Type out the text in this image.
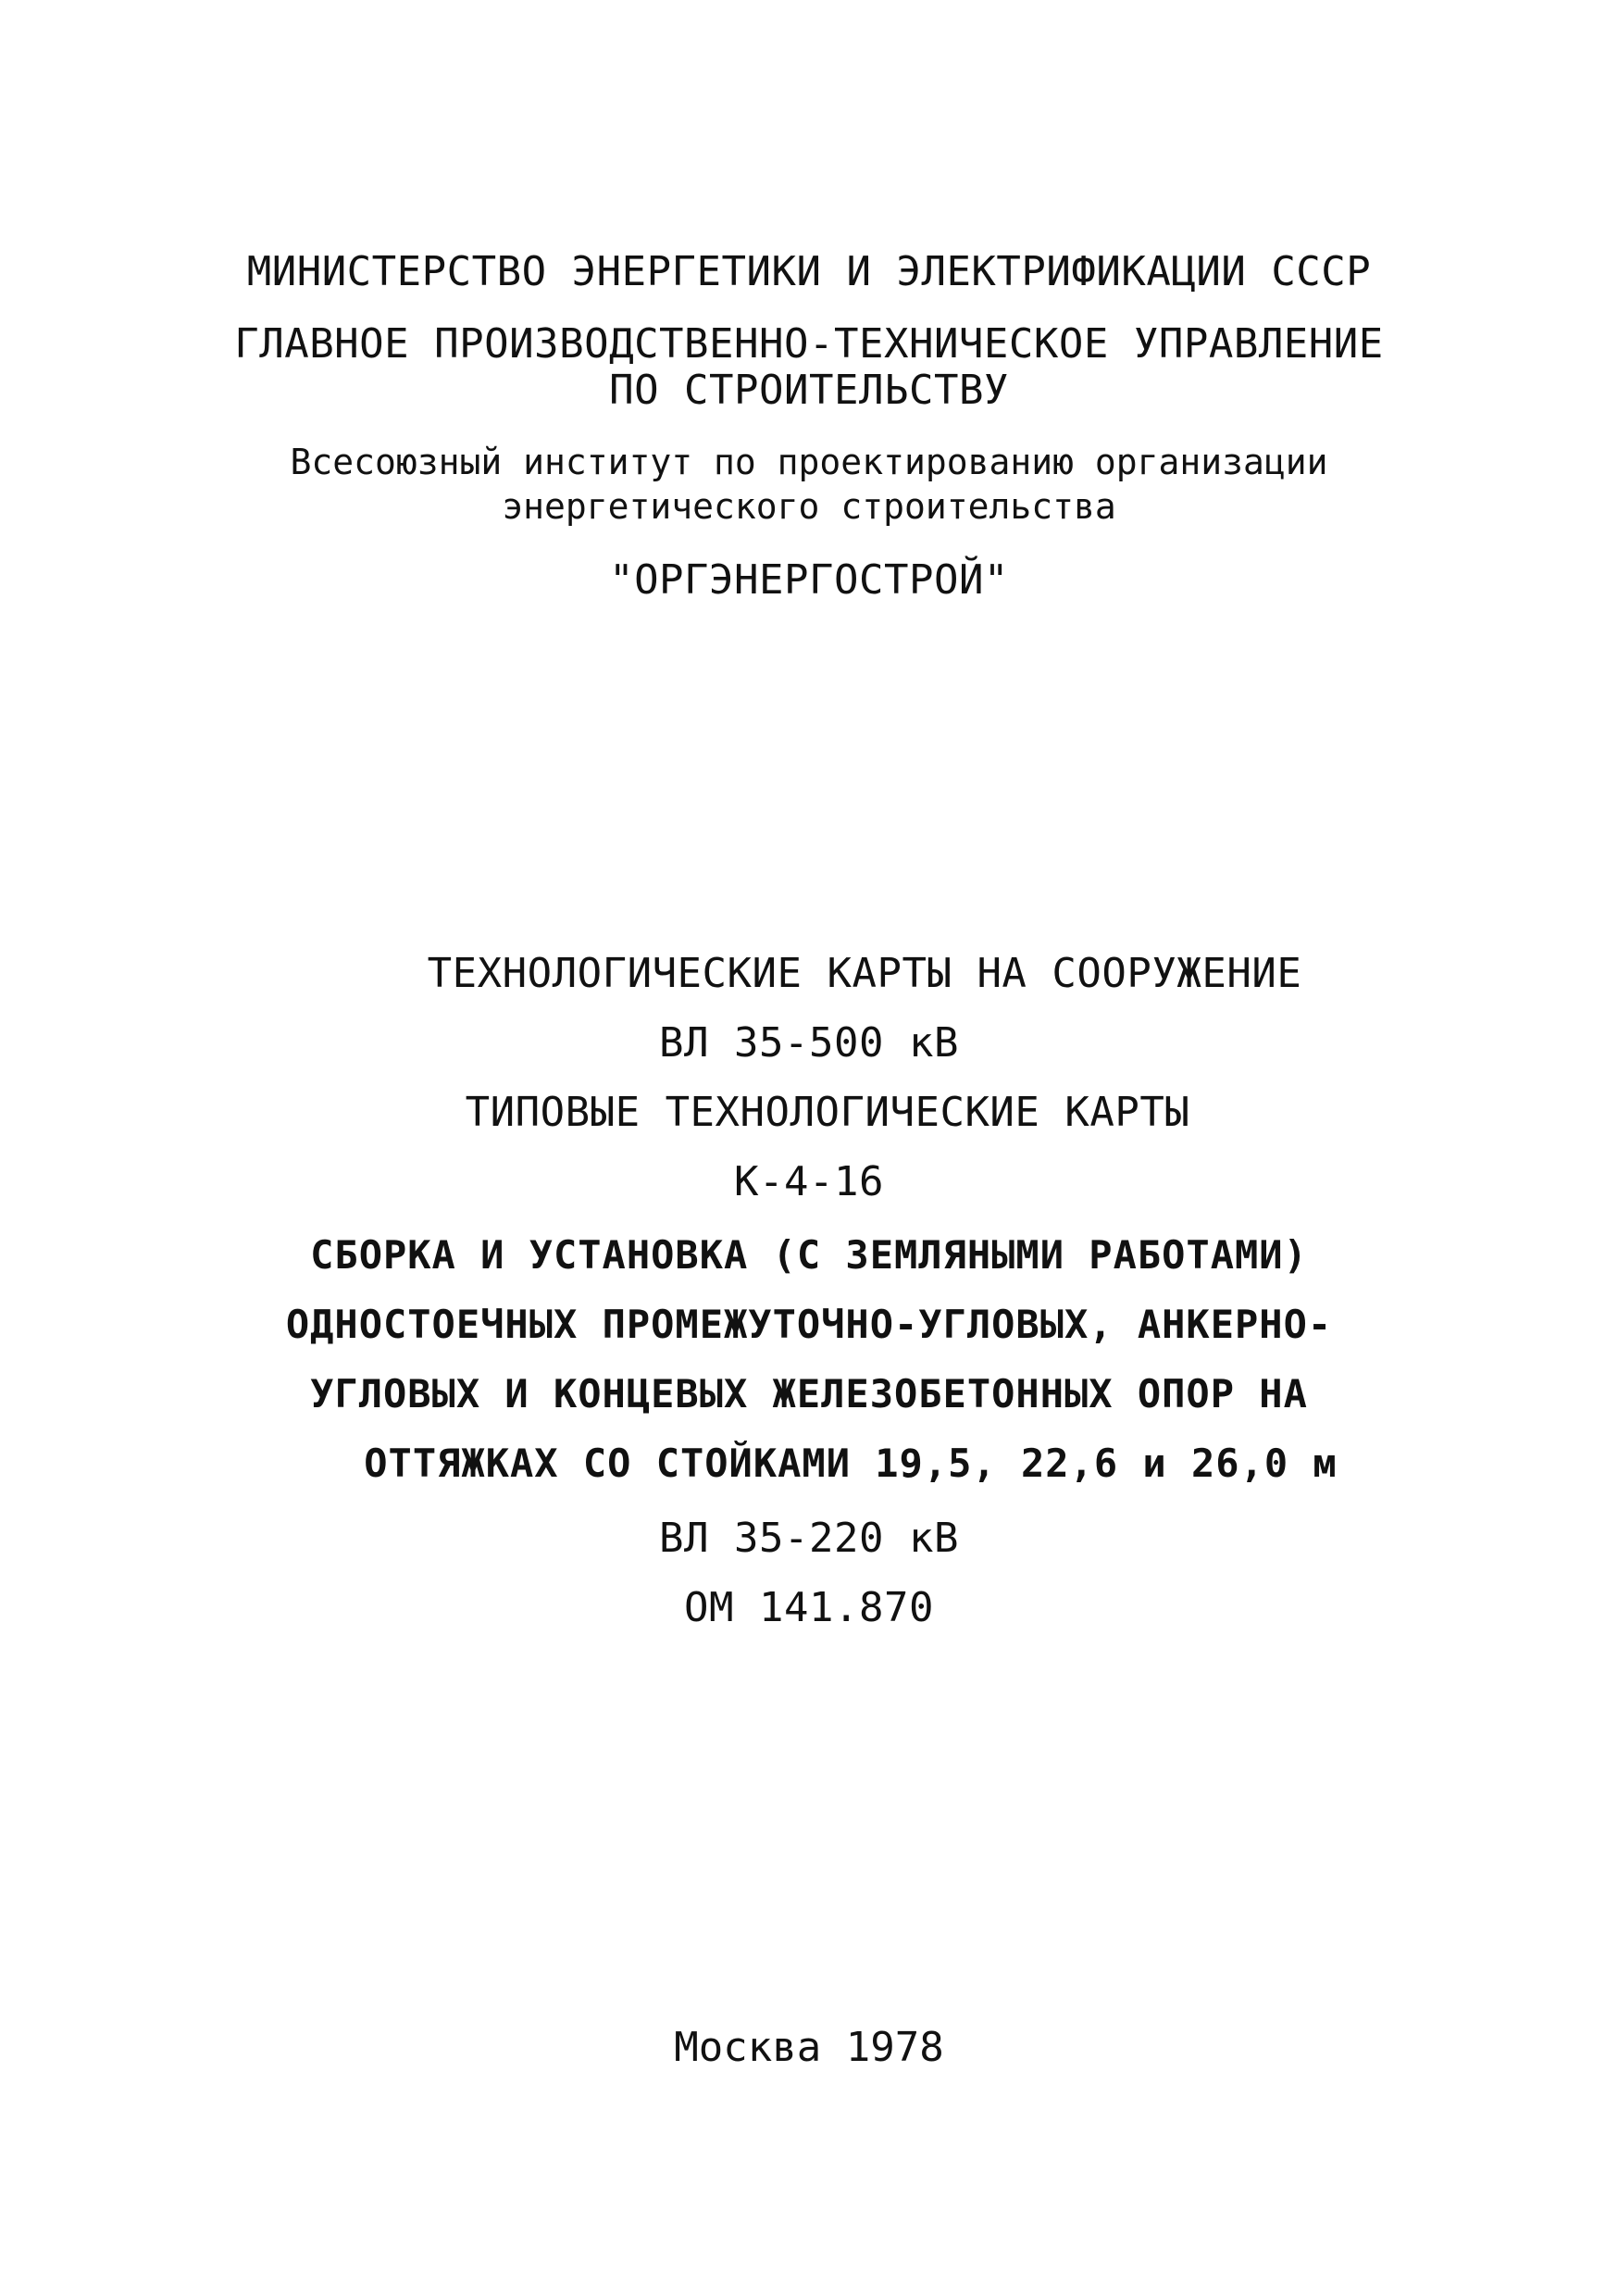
МИНИСТЕРСТВО ЭНЕРГЕТИКИ И ЭЛЕКТРИФИКАЦИИ СССР
ГЛАВНОЕ ПРОИЗВОДСТВЕННО-ТЕХНИЧЕСКОЕ УПРАВЛЕНИЕ
ПО СТРОИТЕЛЬСТВУ
Всесоюзный институт по проектированию организации
энергетического строительства
"ОРГЭНЕРГОСТРОЙ"
ТЕХНОЛОГИЧЕСКИЕ КАРТЫ НА СООРУЖЕНИЕ
ВЛ 35-500 кВ
ТИПОВЫЕ ТЕХНОЛОГИЧЕСКИЕ КАРТЫ
К-4-16
СБОРКА И УСТАНОВКА (С ЗЕМЛЯНЫМИ РАБОТАМИ)
ОДНОСТОЕЧНЫХ ПРОМЕЖУТОЧНО-УГЛОВЫХ, АНКЕРНО-
УГЛОВЫХ И КОНЦЕВЫХ ЖЕЛЕЗОБЕТОННЫХ ОПОР НА
ОТТЯЖКАХ СО СТОЙКАМИ 19,5, 22,6 и 26,0 м
ВЛ 35-220 кВ
ОМ 141.870
Москва 1978
